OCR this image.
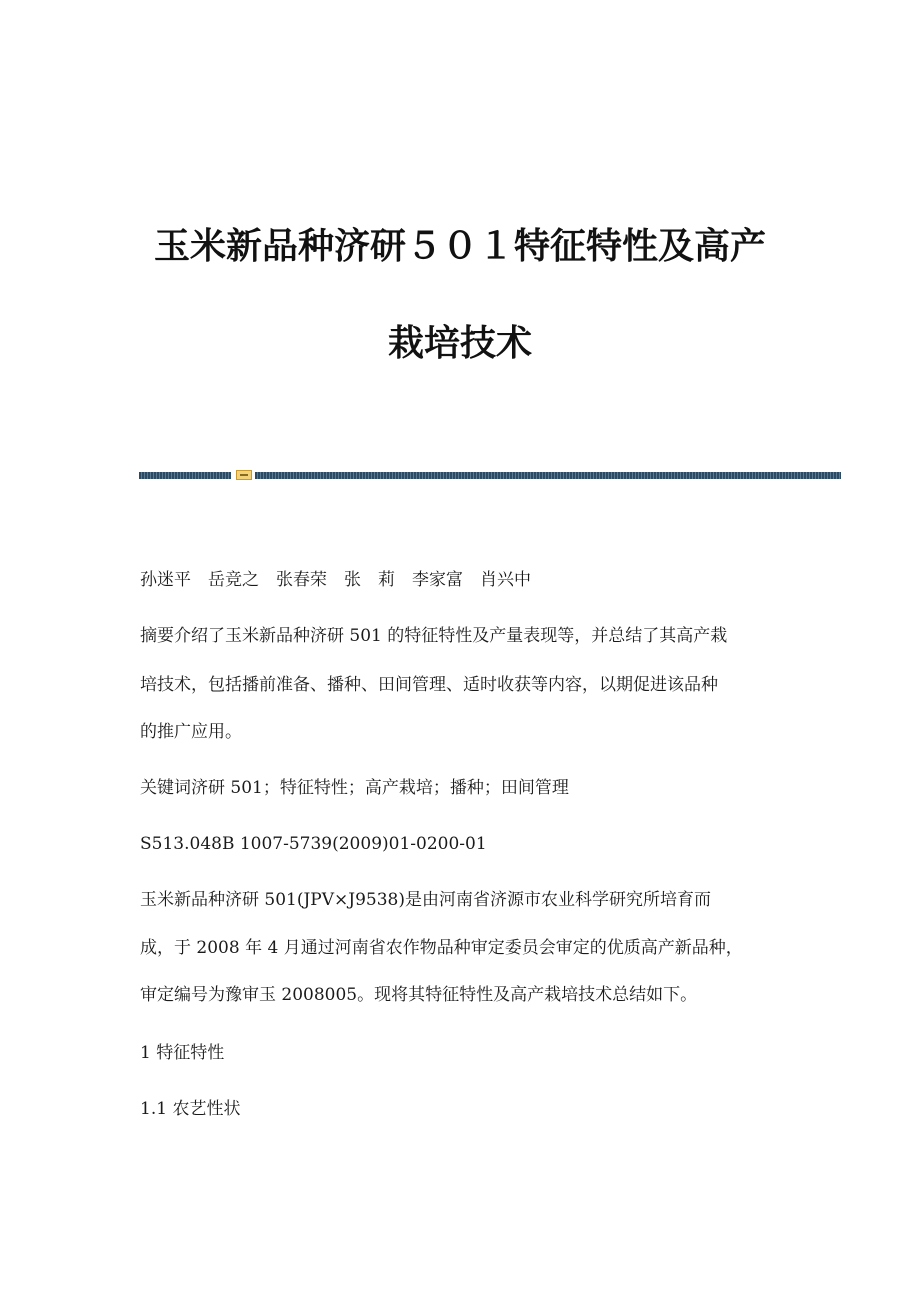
玉米新品种济研５０１特征特性及高产
栽培技术
孙迷平　岳竞之　张春荣　张　莉　李家富　肖兴中
摘要介绍了玉米新品种济研 501 的特征特性及产量表现等，并总结了其高产栽
培技术，包括播前准备、播种、田间管理、适时收获等内容，以期促进该品种
的推广应用。
关键词济研 501；特征特性；高产栽培；播种；田间管理
S513.048B 1007-5739(2009)01-0200-01
玉米新品种济研 501(JPV×J9538)是由河南省济源市农业科学研究所培育而
成，于 2008 年 4 月通过河南省农作物品种审定委员会审定的优质高产新品种，
审定编号为豫审玉 2008005。现将其特征特性及高产栽培技术总结如下。
1 特征特性
1.1 农艺性状
